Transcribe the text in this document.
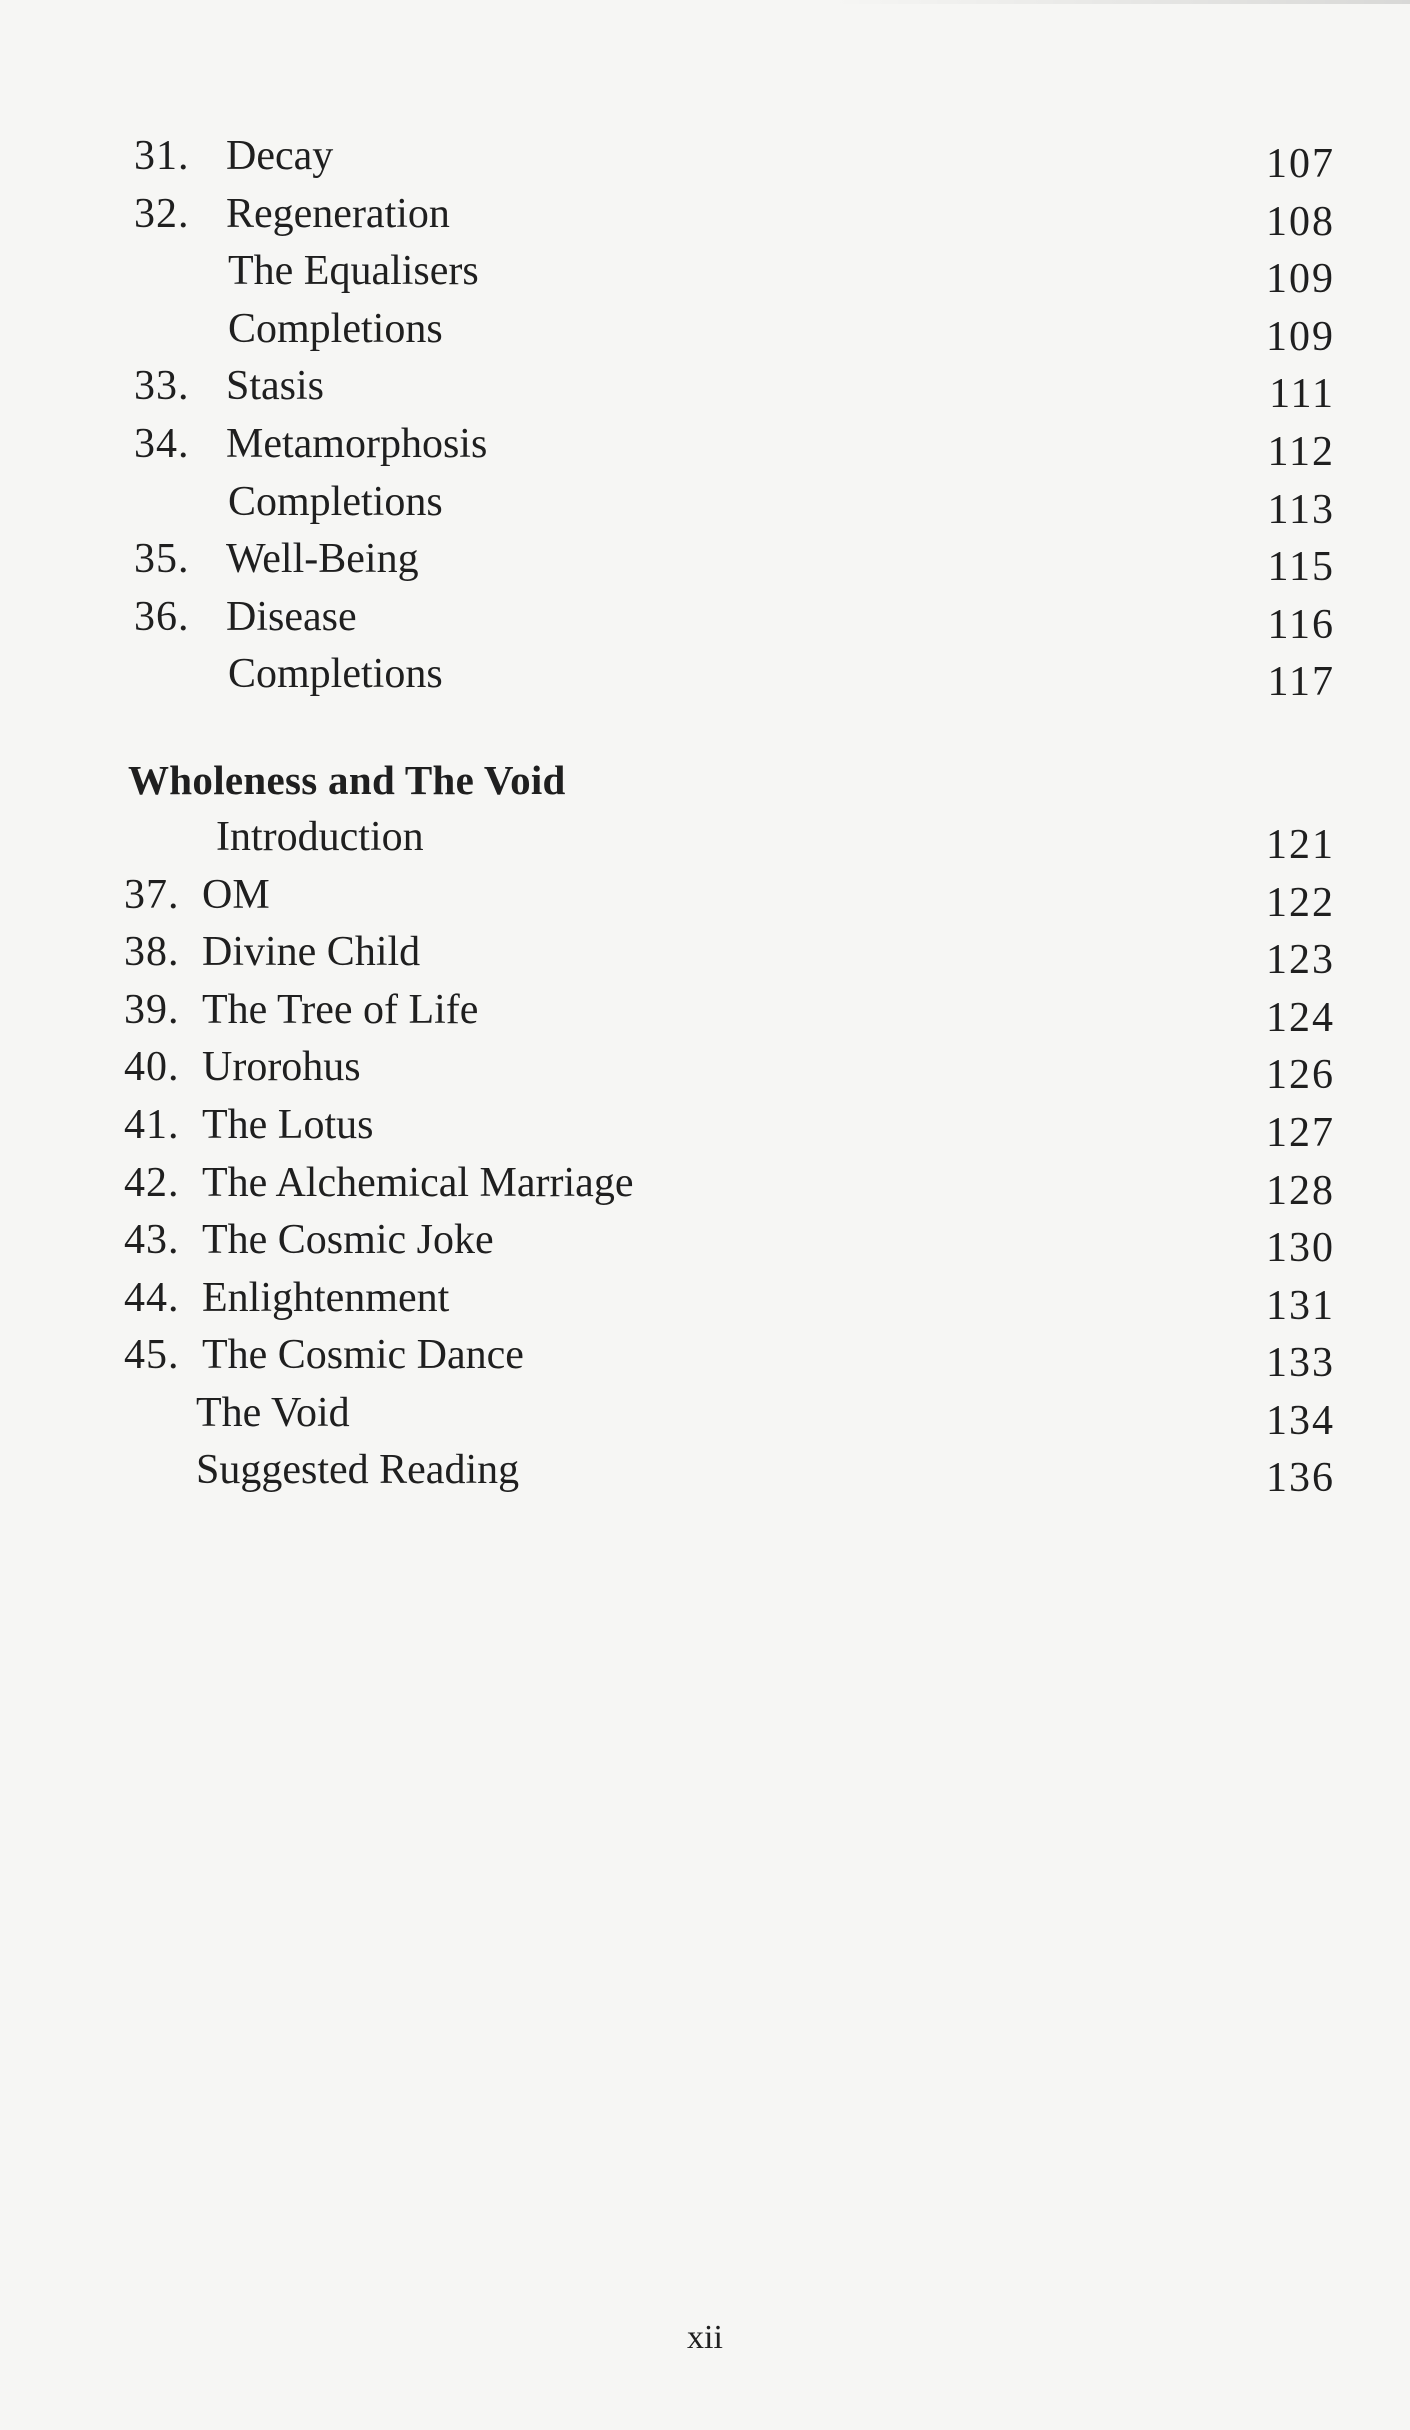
31. Decay	107
32. Regeneration	108
The Equalisers	109
Completions	109
33. Stasis	111
34. Metamorphosis	112
Completions	113
35. Well-Being	115
36. Disease	116
Completions	117
Wholeness and The Void
Introduction	121
37. OM	122
38. Divine Child	123
39. The Tree of Life	124
40. Urorohus	126
41. The Lotus	127
42. The Alchemical Marriage	128
43. The Cosmic Joke	130
44. Enlightenment	131
45. The Cosmic Dance	133
The Void	134
Suggested Reading	136
xii
